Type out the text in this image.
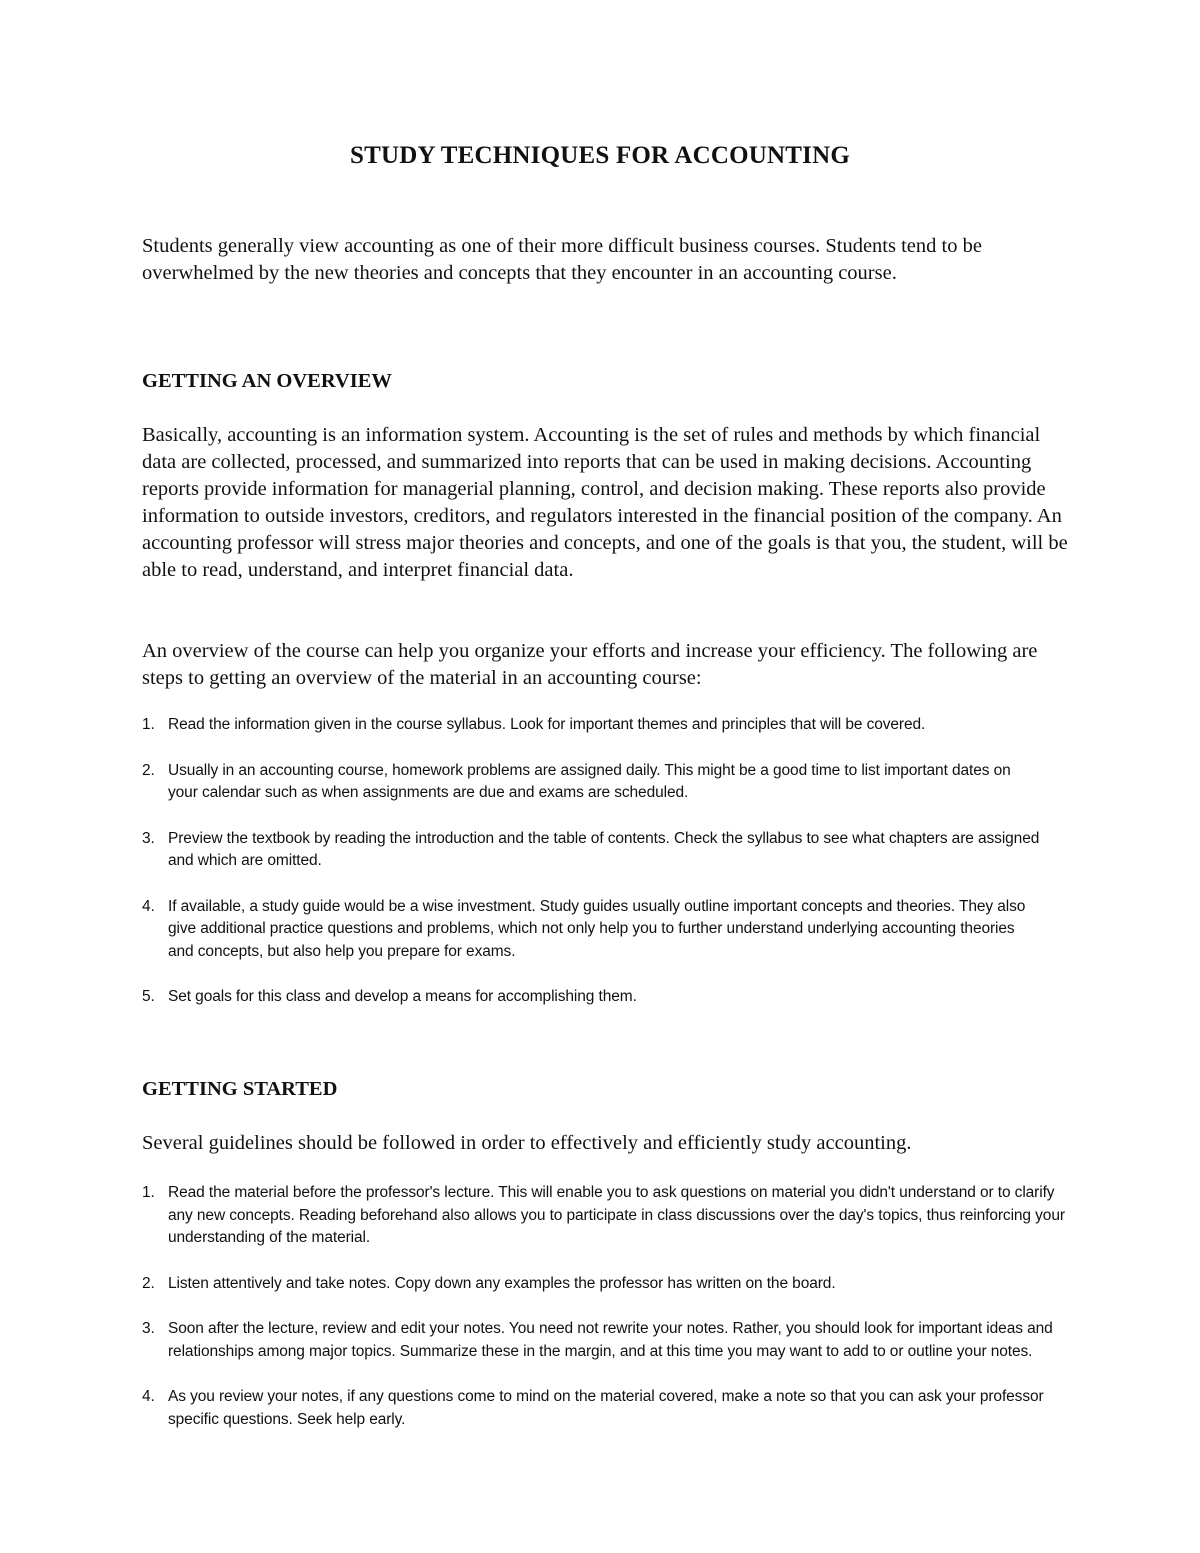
STUDY TECHNIQUES FOR ACCOUNTING

Students generally view accounting as one of their more difficult business courses. Students tend to be overwhelmed by the new theories and concepts that they encounter in an accounting course.

GETTING AN OVERVIEW

Basically, accounting is an information system. Accounting is the set of rules and methods by which financial data are collected, processed, and summarized into reports that can be used in making decisions. Accounting reports provide information for managerial planning, control, and decision making. These reports also provide information to outside investors, creditors, and regulators interested in the financial position of the company. An accounting professor will stress major theories and concepts, and one of the goals is that you, the student, will be able to read, understand, and interpret financial data.

An overview of the course can help you organize your efforts and increase your efficiency. The following are steps to getting an overview of the material in an accounting course:

1. Read the information given in the course syllabus. Look for important themes and principles that will be covered.
2. Usually in an accounting course, homework problems are assigned daily. This might be a good time to list important dates on your calendar such as when assignments are due and exams are scheduled.
3. Preview the textbook by reading the introduction and the table of contents. Check the syllabus to see what chapters are assigned and which are omitted.
4. If available, a study guide would be a wise investment. Study guides usually outline important concepts and theories. They also give additional practice questions and problems, which not only help you to further understand underlying accounting theories and concepts, but also help you prepare for exams.
5. Set goals for this class and develop a means for accomplishing them.

GETTING STARTED

Several guidelines should be followed in order to effectively and efficiently study accounting.

1. Read the material before the professor's lecture. This will enable you to ask questions on material you didn't understand or to clarify any new concepts. Reading beforehand also allows you to participate in class discussions over the day's topics, thus reinforcing your understanding of the material.
2. Listen attentively and take notes. Copy down any examples the professor has written on the board.
3. Soon after the lecture, review and edit your notes. You need not rewrite your notes. Rather, you should look for important ideas and relationships among major topics. Summarize these in the margin, and at this time you may want to add to or outline your notes.
4. As you review your notes, if any questions come to mind on the material covered, make a note so that you can ask your professor specific questions. Seek help early.
